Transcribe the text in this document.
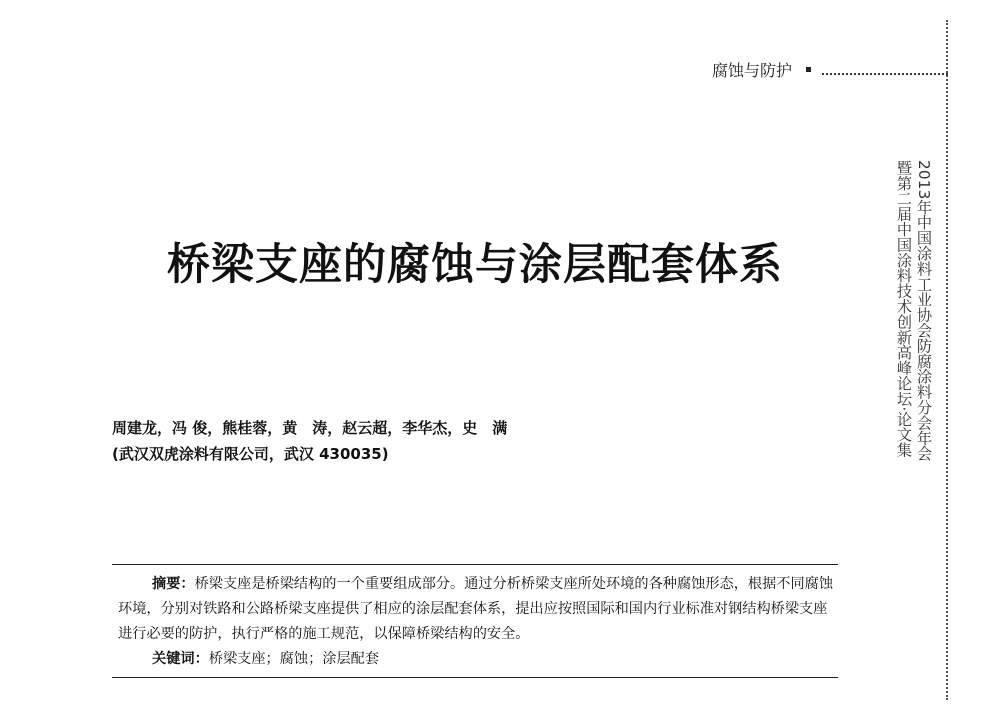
腐蚀与防护
2013年中国涂料工业协会防腐涂料分会年会
暨第二届中国涂料技术创新高峰论坛·论文集
桥梁支座的腐蚀与涂层配套体系
周建龙，冯 俊，熊桂蓉，黄　涛，赵云超，李华杰，史　满
(武汉双虎涂料有限公司，武汉 430035)

摘要：桥梁支座是桥梁结构的一个重要组成部分。通过分析桥梁支座所处环境的各种腐蚀形态，根据不同腐蚀环境，分别对铁路和公路桥梁支座提供了相应的涂层配套体系，提出应按照国际和国内行业标准对钢结构桥梁支座进行必要的防护，执行严格的施工规范，以保障桥梁结构的安全。

关键词：桥梁支座；腐蚀；涂层配套
